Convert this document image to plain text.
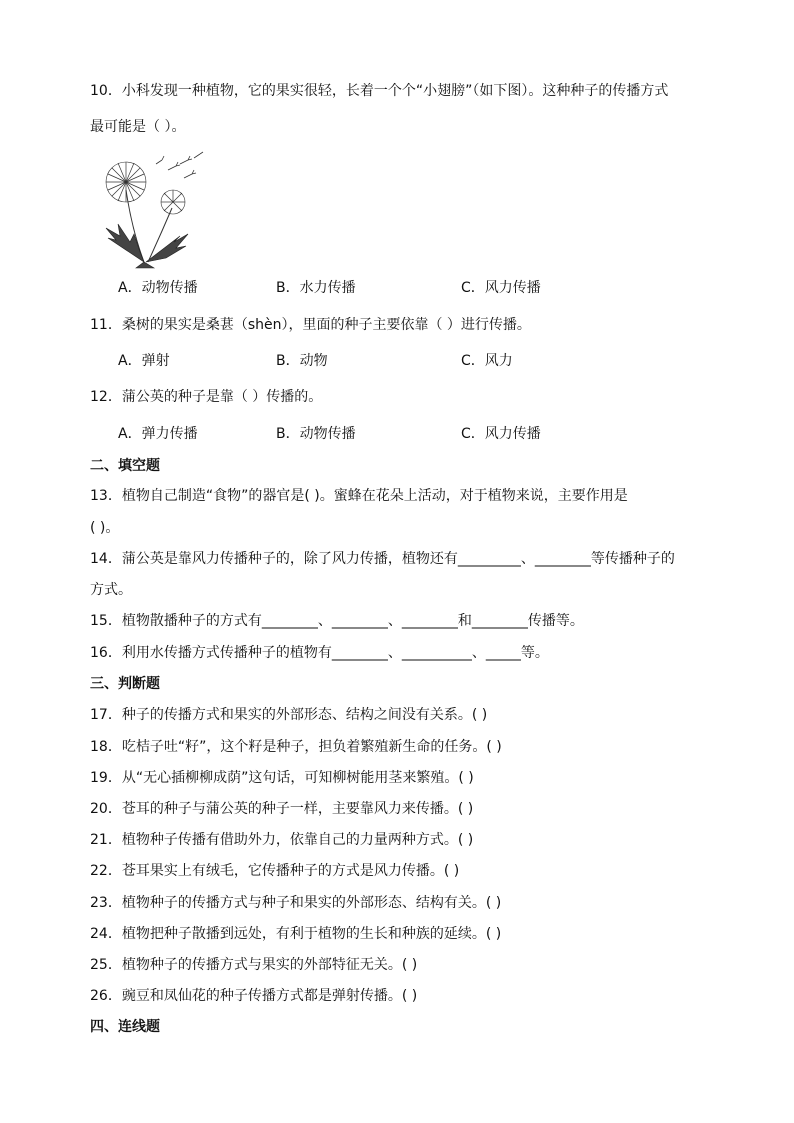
10．小科发现一种植物，它的果实很轻，长着一个个“小翅膀”（如下图）。这种种子的传播方式
最可能是（ ）。
A．动物传播	B．水力传播	C．风力传播
11．桑树的果实是桑葚（shèn），里面的种子主要依靠（ ）进行传播。
A．弹射	B．动物	C．风力
12．蒲公英的种子是靠（ ）传播的。
A．弹力传播	B．动物传播	C．风力传播
二、填空题
13．植物自己制造“食物”的器官是( )。蜜蜂在花朵上活动，对于植物来说，主要作用是
( )。
14．蒲公英是靠风力传播种子的，除了风力传播，植物还有_________、________等传播种子的
方式。
15．植物散播种子的方式有________、________、________和________传播等。
16．利用水传播方式传播种子的植物有________、__________、_____等。
三、判断题
17．种子的传播方式和果实的外部形态、结构之间没有关系。( )
18．吃桔子吐“籽”，这个籽是种子，担负着繁殖新生命的任务。( )
19．从“无心插柳柳成荫”这句话，可知柳树能用茎来繁殖。( )
20．苍耳的种子与蒲公英的种子一样，主要靠风力来传播。( )
21．植物种子传播有借助外力，依靠自己的力量两种方式。( )
22．苍耳果实上有绒毛，它传播种子的方式是风力传播。( )
23．植物种子的传播方式与种子和果实的外部形态、结构有关。( )
24．植物把种子散播到远处，有利于植物的生长和种族的延续。( )
25．植物种子的传播方式与果实的外部特征无关。( )
26．豌豆和凤仙花的种子传播方式都是弹射传播。( )
四、连线题
